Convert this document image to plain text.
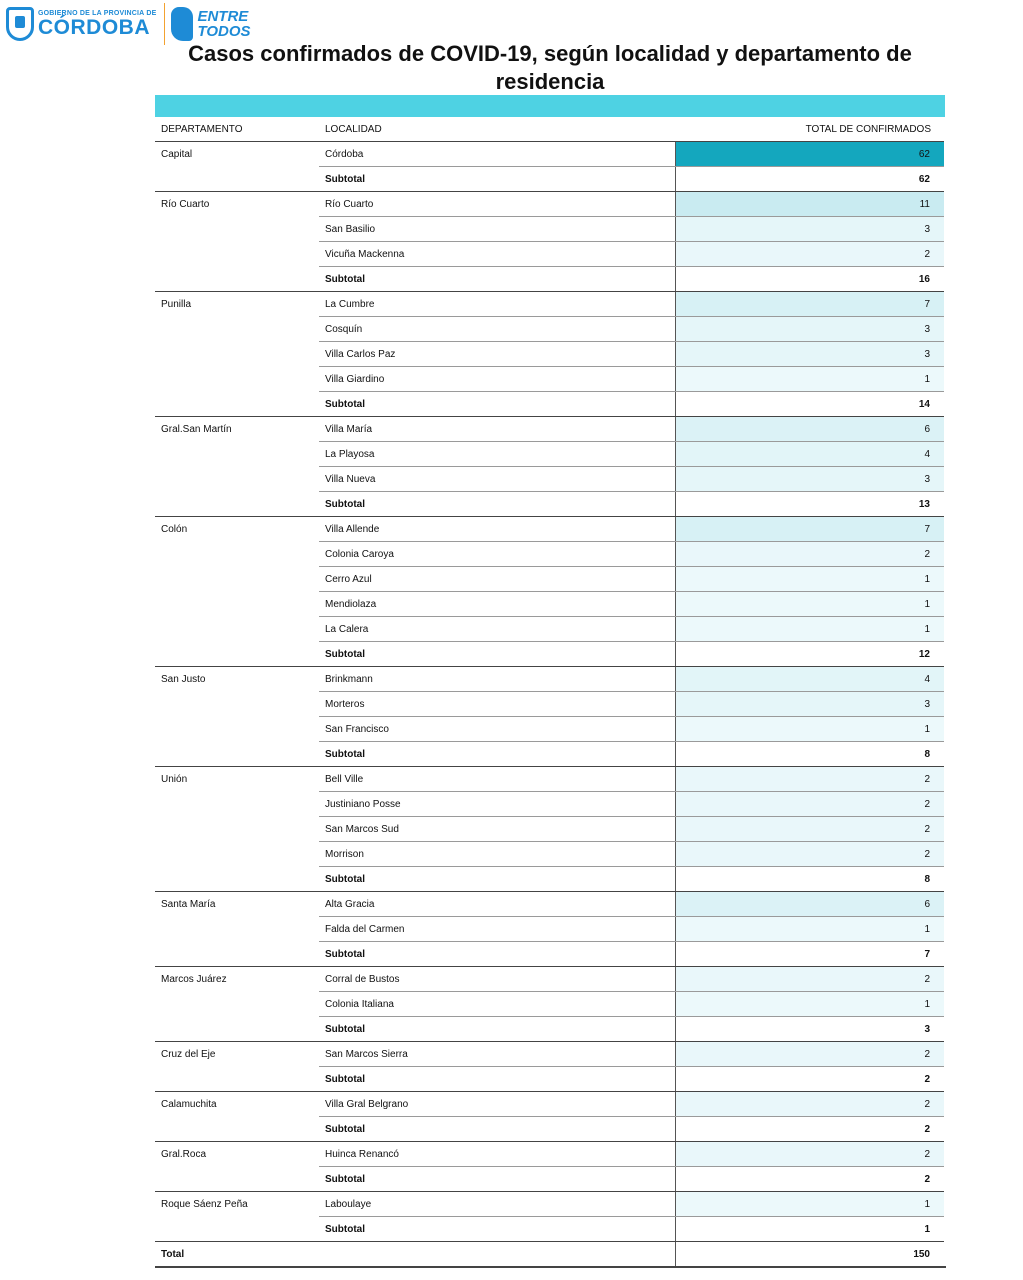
GOBIERNO DE LA PROVINCIA DE
CÓRDOBA	ENTRE
TODOS
Casos confirmados de COVID-19, según localidad y departamento de residencia
DEPARTAMENTO	LOCALIDAD	TOTAL DE CONFIRMADOS
Capital	Córdoba	62
	Subtotal	62
Río Cuarto	Río Cuarto	11
	San Basilio	3
	Vicuña Mackenna	2
	Subtotal	16
Punilla	La Cumbre	7
	Cosquín	3
	Villa Carlos Paz	3
	Villa Giardino	1
	Subtotal	14
Gral.San Martín	Villa María	6
	La Playosa	4
	Villa Nueva	3
	Subtotal	13
Colón	Villa Allende	7
	Colonia Caroya	2
	Cerro Azul	1
	Mendiolaza	1
	La Calera	1
	Subtotal	12
San Justo	Brinkmann	4
	Morteros	3
	San Francisco	1
	Subtotal	8
Unión	Bell Ville	2
	Justiniano Posse	2
	San Marcos Sud	2
	Morrison	2
	Subtotal	8
Santa María	Alta Gracia	6
	Falda del Carmen	1
	Subtotal	7
Marcos Juárez	Corral de Bustos	2
	Colonia Italiana	1
	Subtotal	3
Cruz del Eje	San Marcos Sierra	2
	Subtotal	2
Calamuchita	Villa Gral Belgrano	2
	Subtotal	2
Gral.Roca	Huinca Renancó	2
	Subtotal	2
Roque Sáenz Peña	Laboulaye	1
	Subtotal	1
Total		150
